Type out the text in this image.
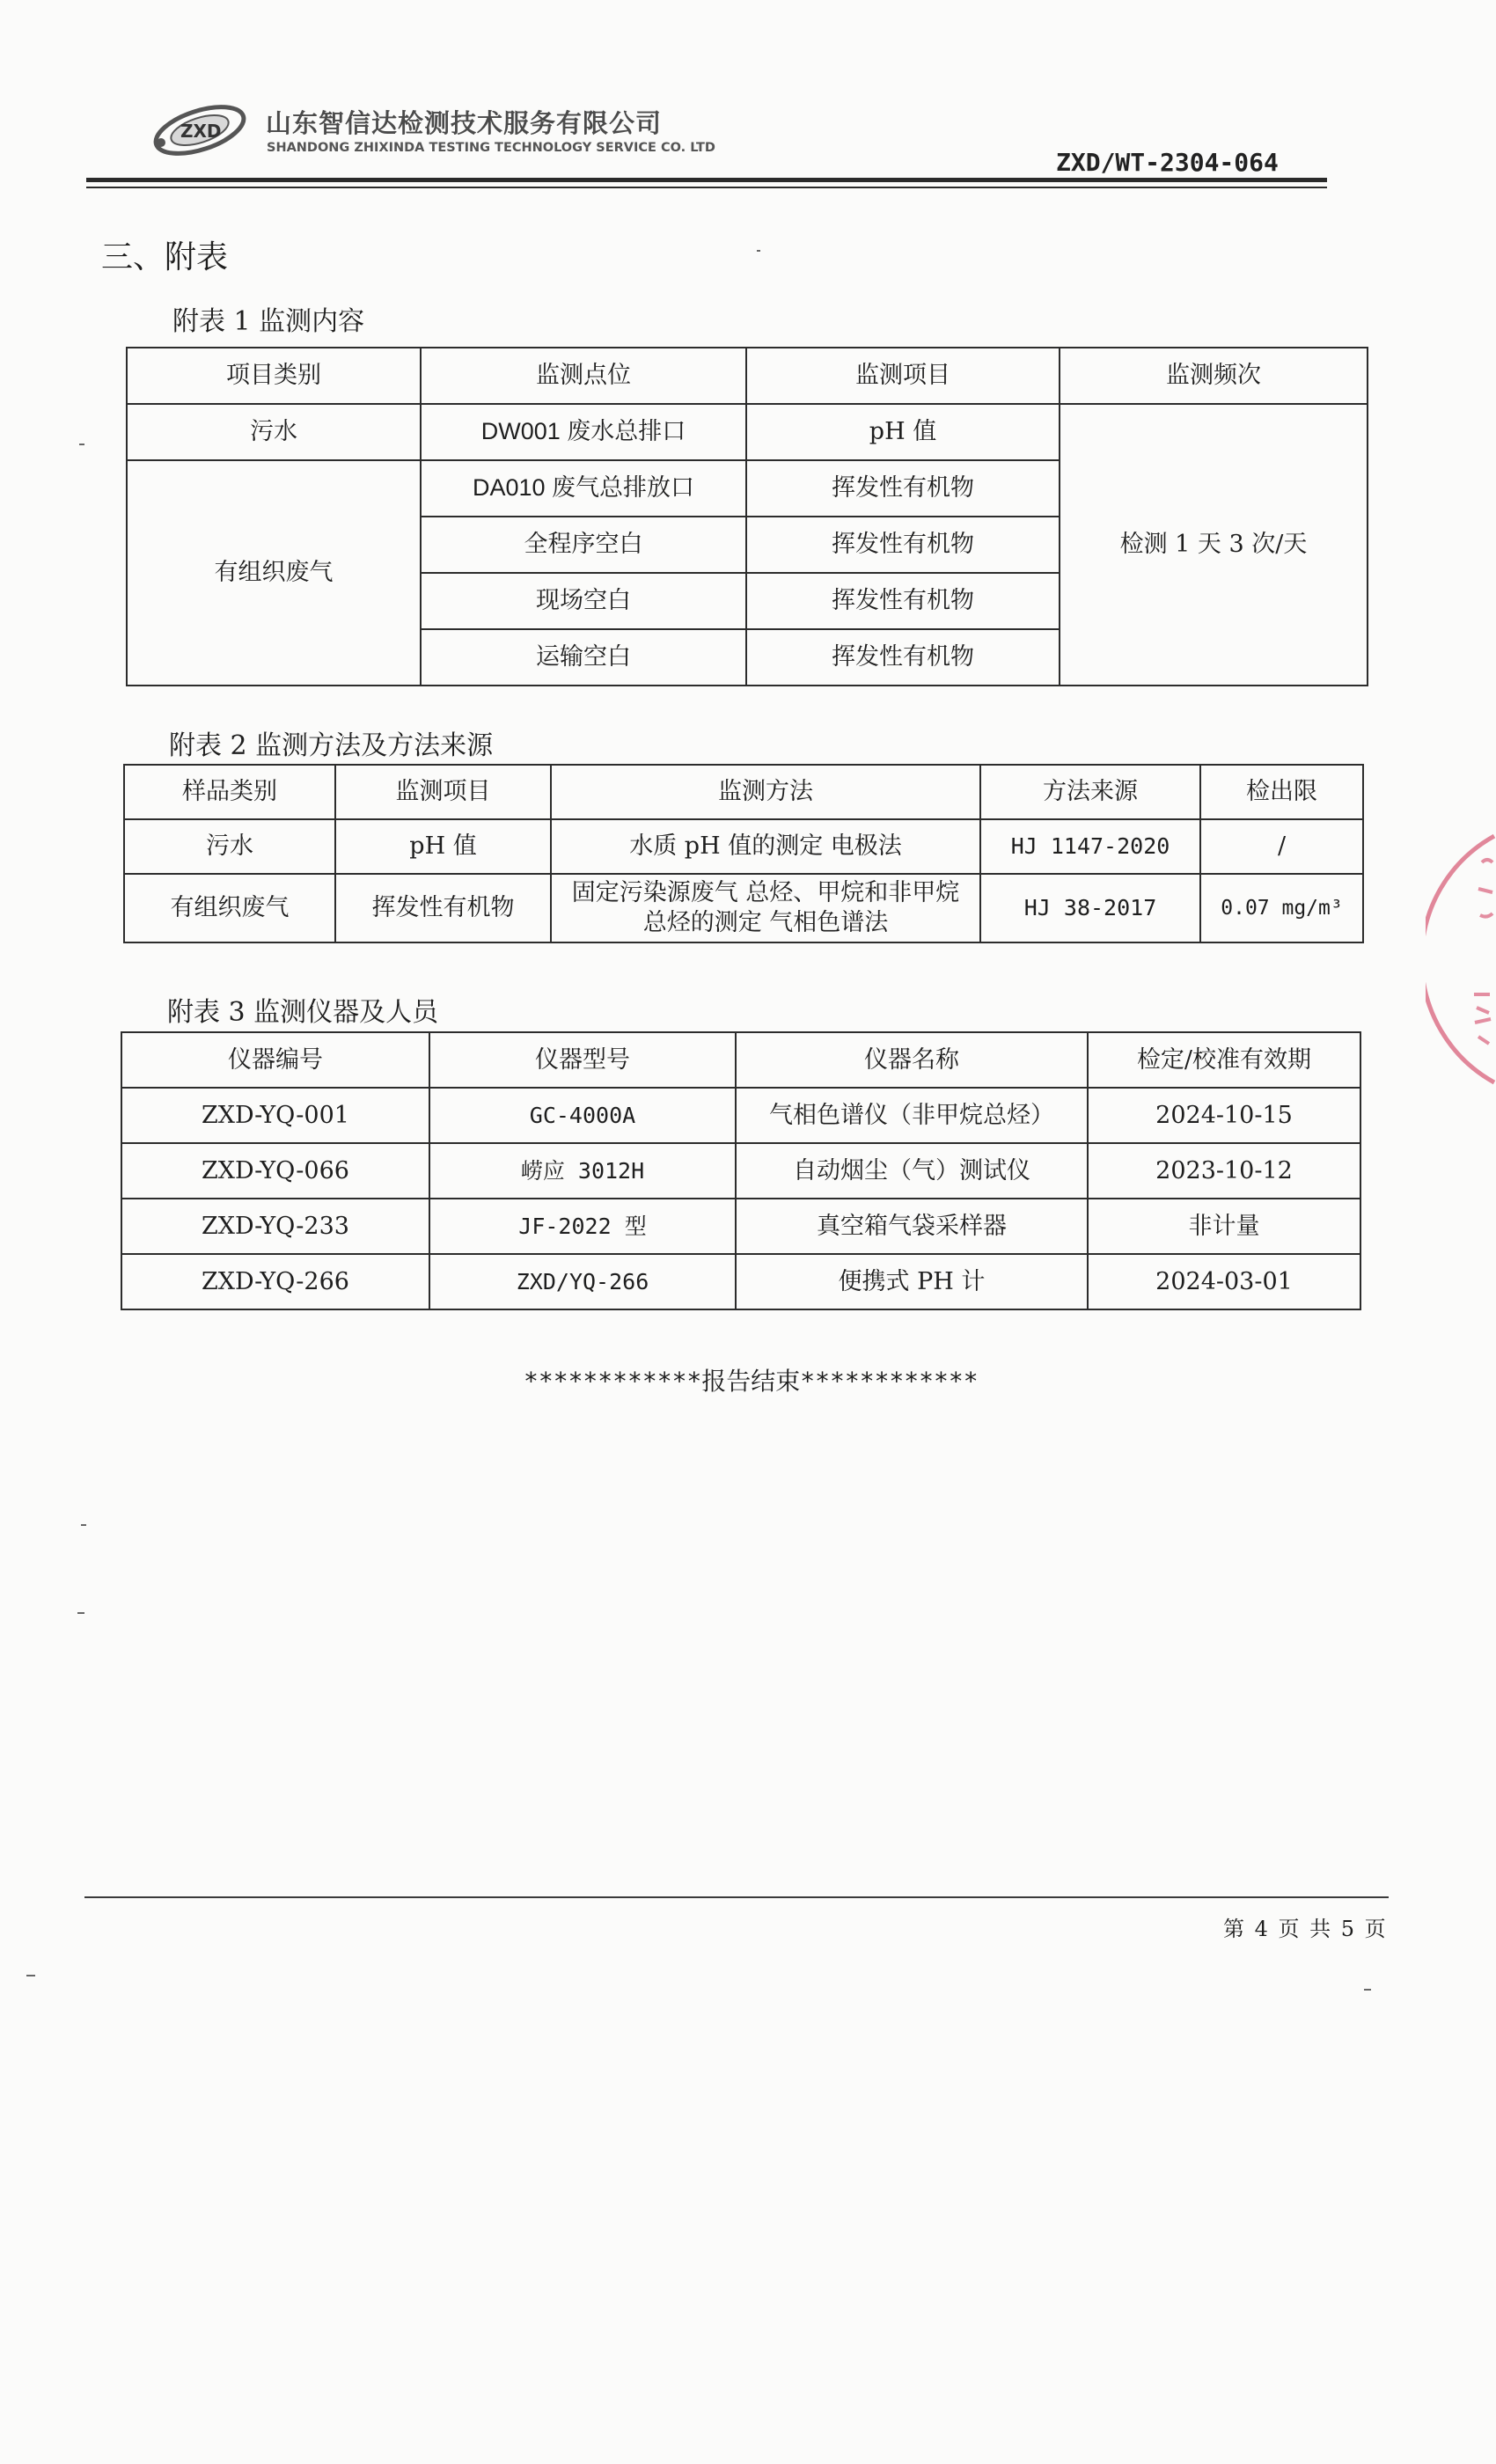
ZXD 山东智信达检测技术服务有限公司
SHANDONG ZHIXINDA TESTING TECHNOLOGY SERVICE CO. LTD	ZXD/WT-2304-064
三、附表
附表 1 监测内容
项目类别	监测点位	监测项目	监测频次
污水	DW001 废水总排口	pH 值	检测 1 天 3 次/天
有组织废气	DA010 废气总排放口	挥发性有机物	
	全程序空白	挥发性有机物	
	现场空白	挥发性有机物	
	运输空白	挥发性有机物	
附表 2 监测方法及方法来源
样品类别	监测项目	监测方法	方法来源	检出限
污水	pH 值	水质 pH 值的测定 电极法	HJ 1147-2020	/
有组织废气	挥发性有机物	固定污染源废气 总烃、甲烷和非甲烷总烃的测定 气相色谱法	HJ 38-2017	0.07 mg/m³
附表 3 监测仪器及人员
仪器编号	仪器型号	仪器名称	检定/校准有效期
ZXD-YQ-001	GC-4000A	气相色谱仪（非甲烷总烃）	2024-10-15
ZXD-YQ-066	崂应 3012H	自动烟尘（气）测试仪	2023-10-12
ZXD-YQ-233	JF-2022 型	真空箱气袋采样器	非计量
ZXD-YQ-266	ZXD/YQ-266	便携式 PH 计	2024-03-01
************报告结束************
第 4 页 共 5 页
